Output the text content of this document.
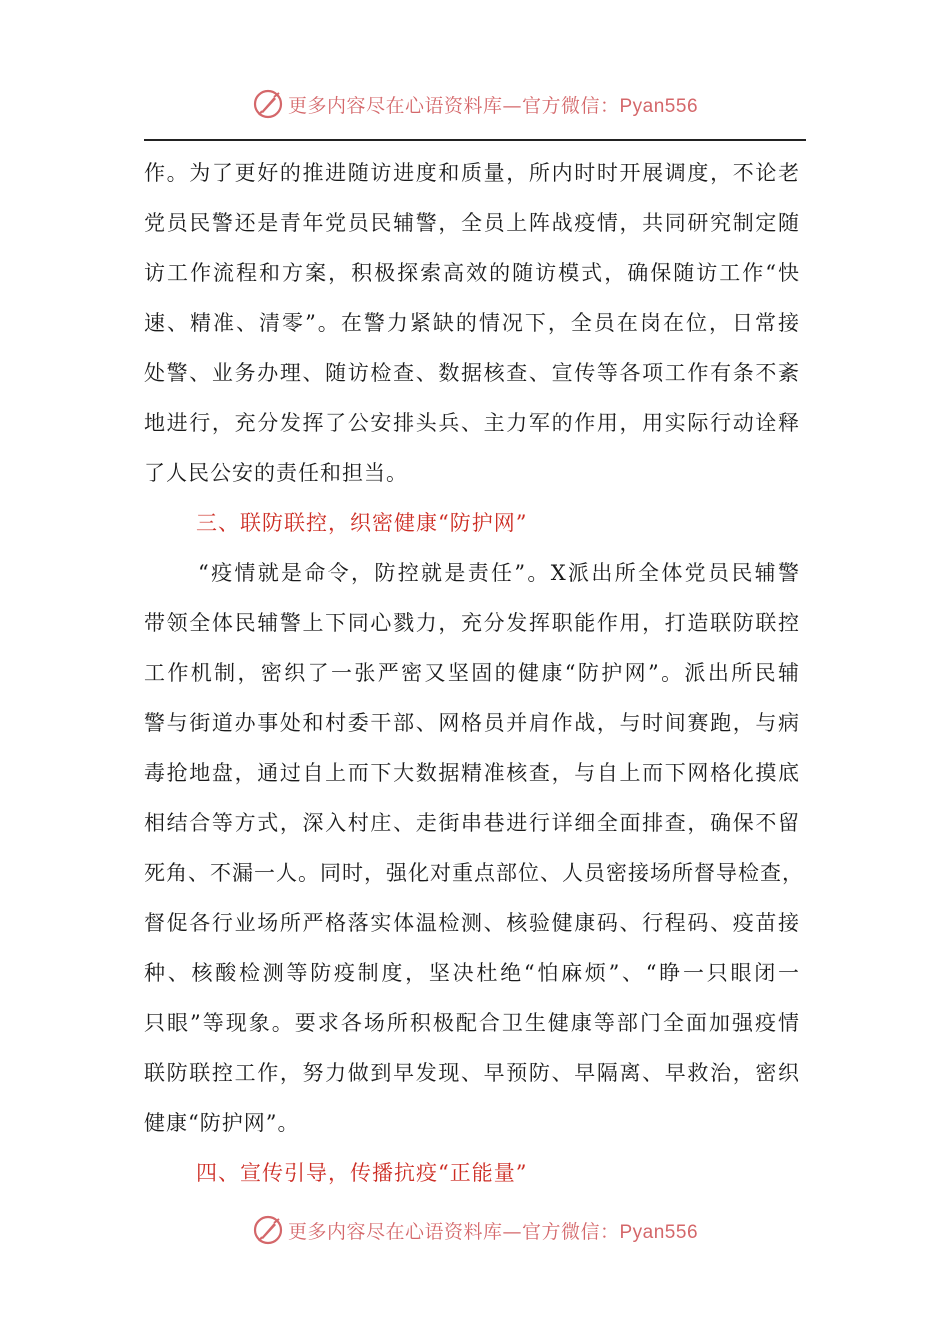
更多内容尽在心语资料库—官方微信：Pyan556
作。为了更好的推进随访进度和质量，所内时时开展调度，不论老
党员民警还是青年党员民辅警，全员上阵战疫情，共同研究制定随
访工作流程和方案，积极探索高效的随访模式，确保随访工作“快
速、精准、清零”。在警力紧缺的情况下，全员在岗在位，日常接
处警、业务办理、随访检查、数据核查、宣传等各项工作有条不紊
地进行，充分发挥了公安排头兵、主力军的作用，用实际行动诠释
了人民公安的责任和担当。
三、联防联控，织密健康“防护网”
“疫情就是命令，防控就是责任”。X派出所全体党员民辅警
带领全体民辅警上下同心戮力，充分发挥职能作用，打造联防联控
工作机制，密织了一张严密又坚固的健康“防护网”。派出所民辅
警与街道办事处和村委干部、网格员并肩作战，与时间赛跑，与病
毒抢地盘，通过自上而下大数据精准核查，与自上而下网格化摸底
相结合等方式，深入村庄、走街串巷进行详细全面排查，确保不留
死角、不漏一人。同时，强化对重点部位、人员密接场所督导检查，
督促各行业场所严格落实体温检测、核验健康码、行程码、疫苗接
种、核酸检测等防疫制度，坚决杜绝“怕麻烦”、“睁一只眼闭一
只眼”等现象。要求各场所积极配合卫生健康等部门全面加强疫情
联防联控工作，努力做到早发现、早预防、早隔离、早救治，密织
健康“防护网”。
四、宣传引导，传播抗疫“正能量”
更多内容尽在心语资料库—官方微信：Pyan556
